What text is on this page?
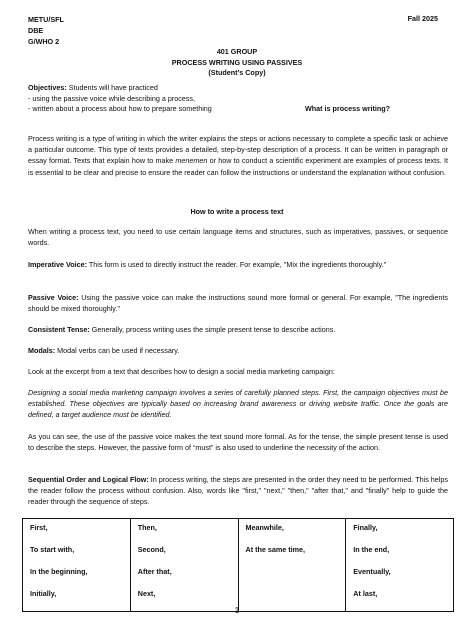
METU/SFL
DBE
G/WHO 2
Fall 2025
401 GROUP
PROCESS WRITING USING PASSIVES
(Student’s Copy)
Objectives: Students will have practiced
- using the passive voice while describing a process,
- written about a process about how to prepare something	What is process writing?
Process writing is a type of writing in which the writer explains the steps or actions necessary to complete a specific task or achieve a particular outcome. This type of texts provides a detailed, step-by-step description of a process. It can be written in paragraph or essay format. Texts that explain how to make menemen or how to conduct a scientific experiment are examples of process texts. It is essential to be clear and precise to ensure the reader can follow the instructions or understand the explanation without confusion.
How to write a process text
When writing a process text, you need to use certain language items and structures, such as imperatives, passives, or sequence words.
Imperative Voice: This form is used to directly instruct the reader. For example, "Mix the ingredients thoroughly."
Passive Voice: Using the passive voice can make the instructions sound more formal or general. For example, "The ingredients should be mixed thoroughly."
Consistent Tense: Generally, process writing uses the simple present tense to describe actions.
Modals: Modal verbs can be used if necessary.
Look at the excerpt from a text that describes how to design a social media marketing campaign:
Designing a social media marketing campaign involves a series of carefully planned steps. First, the campaign objectives must be established. These objectives are typically based on increasing brand awareness or driving website traffic. Once the goals are defined, a target audience must be identified.
As you can see, the use of the passive voice makes the text sound more formal. As for the tense, the simple present tense is used to describe the steps. However, the passive form of “must” is also used to underline the necessity of the action.
Sequential Order and Logical Flow: In process writing, the steps are presented in the order they need to be performed. This helps the reader follow the process without confusion. Also, words like "first," "next," "then," "after that," and "finally" help to guide the reader through the sequence of steps.
First,
To start with,
In the beginning,
Initially,

Then,
Second,
After that,
Next,

Meanwhile,
At the same time,

Finally,
In the end,
Eventually,
At last,
1
